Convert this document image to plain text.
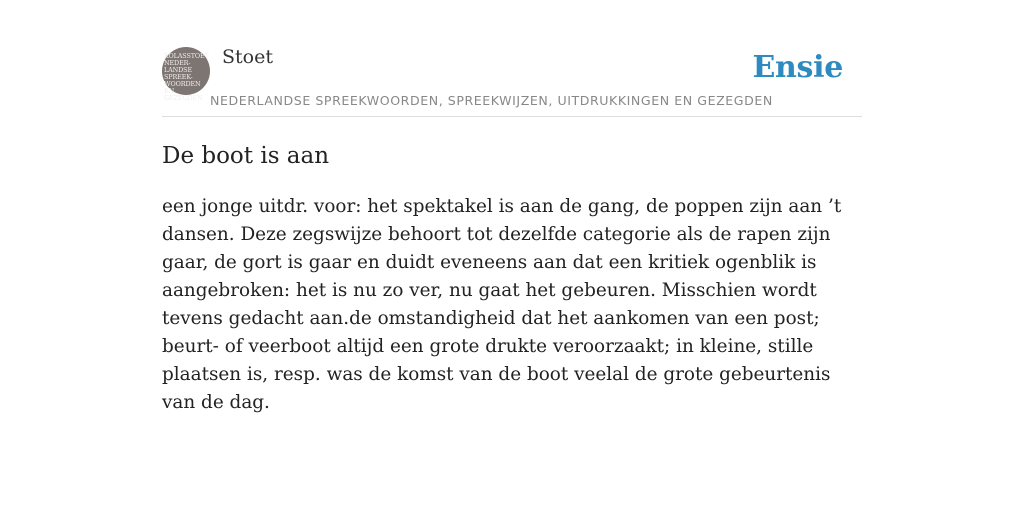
KOLASSTOET
NEDER-
LANDSE
SPREEK-
WOORDEN EN
GEZEGDEN
Stoet	Ensie
NEDERLANDSE SPREEKWOORDEN, SPREEKWIJZEN, UITDRUKKINGEN EN GEZEGDEN
De boot is aan

een jonge uitdr. voor: het spektakel is aan de gang, de poppen zijn aan ’t dansen. Deze zegswijze behoort tot dezelfde categorie als de rapen zijn gaar, de gort is gaar en duidt eveneens aan dat een kritiek ogenblik is aangebroken: het is nu zo ver, nu gaat het gebeuren. Misschien wordt tevens gedacht aan.de omstandigheid dat het aankomen van een post; beurt- of veerboot altijd een grote drukte veroorzaakt; in kleine, stille plaatsen is, resp. was de komst van de boot veelal de grote gebeurtenis van de dag.
